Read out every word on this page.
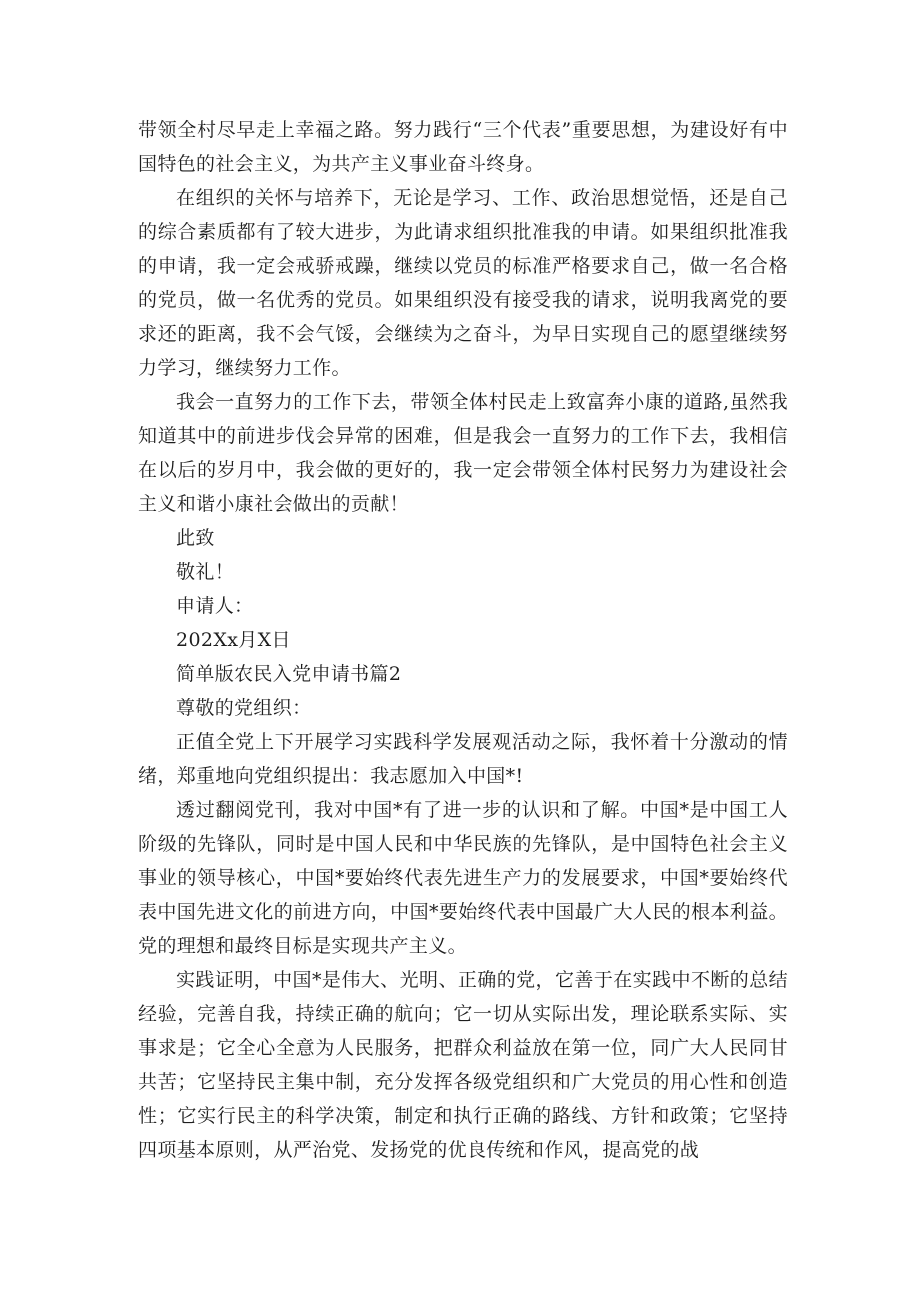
带领全村尽早走上幸福之路。努力践行“三个代表”重要思想，为建设好有中国特色的社会主义，为共产主义事业奋斗终身。

在组织的关怀与培养下，无论是学习、工作、政治思想觉悟，还是自己的综合素质都有了较大进步，为此请求组织批准我的申请。如果组织批准我的申请，我一定会戒骄戒躁，继续以党员的标准严格要求自己，做一名合格的党员，做一名优秀的党员。如果组织没有接受我的请求，说明我离党的要求还的距离，我不会气馁，会继续为之奋斗，为早日实现自己的愿望继续努力学习，继续努力工作。

我会一直努力的工作下去，带领全体村民走上致富奔小康的道路,虽然我知道其中的前进步伐会异常的困难，但是我会一直努力的工作下去，我相信在以后的岁月中，我会做的更好的，我一定会带领全体村民努力为建设社会主义和谐小康社会做出的贡献！

此致

敬礼！

申请人：

202Xx月X日

简单版农民入党申请书篇2

尊敬的党组织：

正值全党上下开展学习实践科学发展观活动之际，我怀着十分激动的情绪，郑重地向党组织提出：我志愿加入中国*!

透过翻阅党刊，我对中国*有了进一步的认识和了解。中国*是中国工人阶级的先锋队，同时是中国人民和中华民族的先锋队，是中国特色社会主义事业的领导核心，中国*要始终代表先进生产力的发展要求，中国*要始终代表中国先进文化的前进方向，中国*要始终代表中国最广大人民的根本利益。党的理想和最终目标是实现共产主义。

实践证明，中国*是伟大、光明、正确的党，它善于在实践中不断的总结经验，完善自我，持续正确的航向；它一切从实际出发，理论联系实际、实事求是；它全心全意为人民服务，把群众利益放在第一位，同广大人民同甘共苦；它坚持民主集中制，充分发挥各级党组织和广大党员的用心性和创造性；它实行民主的科学决策，制定和执行正确的路线、方针和政策；它坚持四项基本原则，从严治党、发扬党的优良传统和作风，提高党的战
